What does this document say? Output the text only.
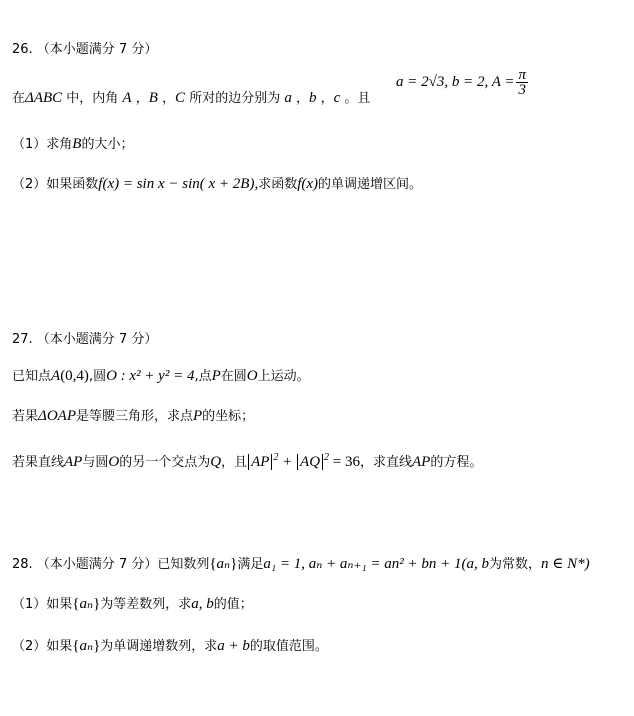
26. （本小题满分 7 分）
在ΔABC 中，内角 A ，B ，C 所对的边分别为 a ，b ，c 。且
a = 2√3, b = 2, $A = \frac{\pi}{3}$
（1）求角B的大小；
（2）如果函数f(x) = sin x − sin( x + 2B),求函数f(x)的单调递增区间。
27. （本小题满分 7 分）
已知点A(0,4),圆O : x² + y² = 4,点P在圆O上运动。
若果ΔOAP是等腰三角形，求点P的坐标；
若果直线AP与圆O的另一个交点为Q，且 AP $^2$ + AQ $^2$ = 36，求直线AP的方程。
28. （本小题满分 7 分）已知数列{aₙ}满足a₁ = 1, aₙ + aₙ₊₁ = an² + bn + 1(a, b为常数，n ∈ N*)
（1）如果{aₙ}为等差数列，求a, b的值；
（2）如果{aₙ}为单调递增数列，求a + b的取值范围。
